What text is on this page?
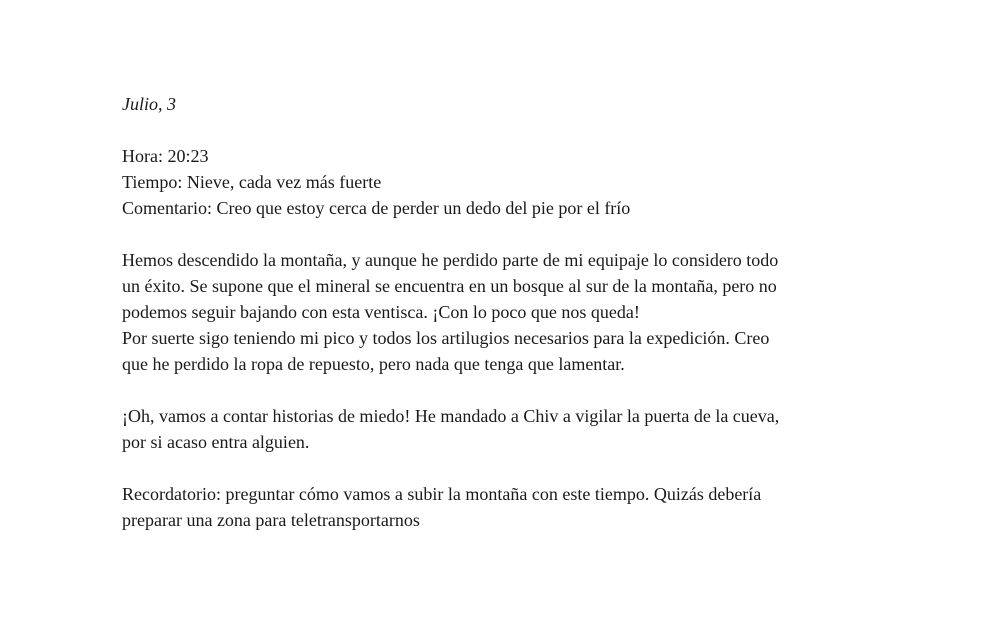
Julio, 3
Hora: 20:23
Tiempo: Nieve, cada vez más fuerte
Comentario: Creo que estoy cerca de perder un dedo del pie por el frío
Hemos descendido la montaña, y aunque he perdido parte de mi equipaje lo considero todo
un éxito. Se supone que el mineral se encuentra en un bosque al sur de la montaña, pero no
podemos seguir bajando con esta ventisca. ¡Con lo poco que nos queda!
Por suerte sigo teniendo mi pico y todos los artilugios necesarios para la expedición. Creo
que he perdido la ropa de repuesto, pero nada que tenga que lamentar.
¡Oh, vamos a contar historias de miedo! He mandado a Chiv a vigilar la puerta de la cueva,
por si acaso entra alguien.
Recordatorio: preguntar cómo vamos a subir la montaña con este tiempo. Quizás debería
preparar una zona para teletransportarnos
